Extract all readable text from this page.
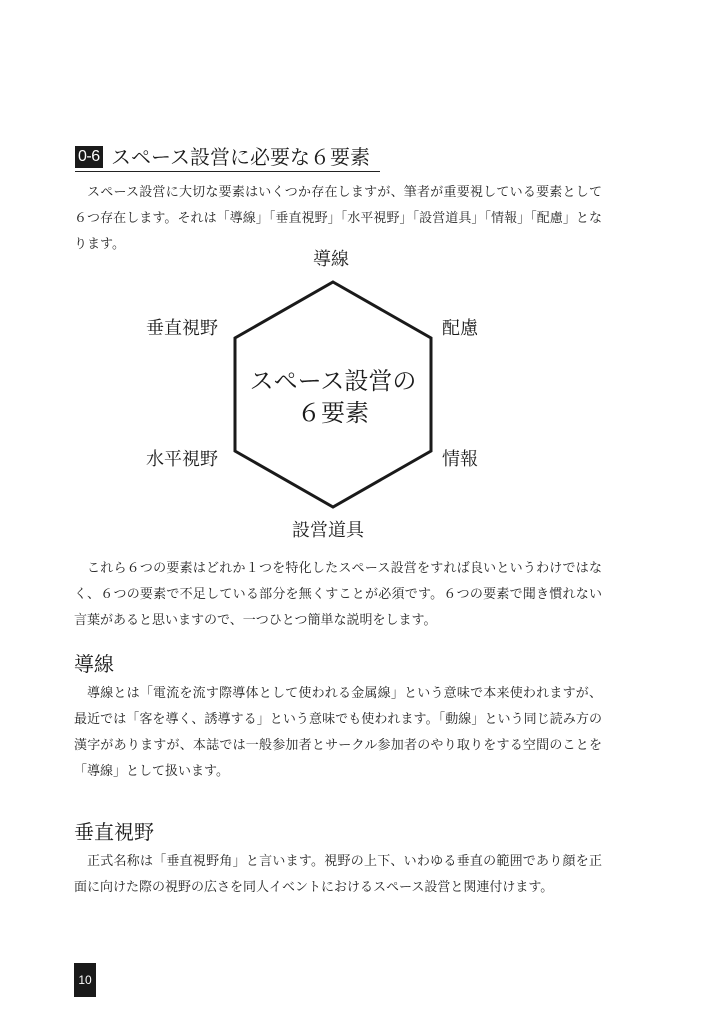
0-6 スペース設営に必要な６要素

スペース設営に大切な要素はいくつか存在しますが、筆者が重要視している要素として６つ存在します。それは「導線」「垂直視野」「水平視野」「設営道具」「情報」「配慮」となります。

スペース設営の
６要素
導線
配慮
情報
設営道具
水平視野
垂直視野

これら６つの要素はどれか１つを特化したスペース設営をすれば良いというわけではなく、６つの要素で不足している部分を無くすことが必須です。６つの要素で聞き慣れない言葉があると思いますので、一つひとつ簡単な説明をします。

導線

導線とは「電流を流す際導体として使われる金属線」という意味で本来使われますが、最近では「客を導く、誘導する」という意味でも使われます。「動線」という同じ読み方の漢字がありますが、本誌では一般参加者とサークル参加者のやり取りをする空間のことを「導線」として扱います。

垂直視野

正式名称は「垂直視野角」と言います。視野の上下、いわゆる垂直の範囲であり顔を正面に向けた際の視野の広さを同人イベントにおけるスペース設営と関連付けます。

10
